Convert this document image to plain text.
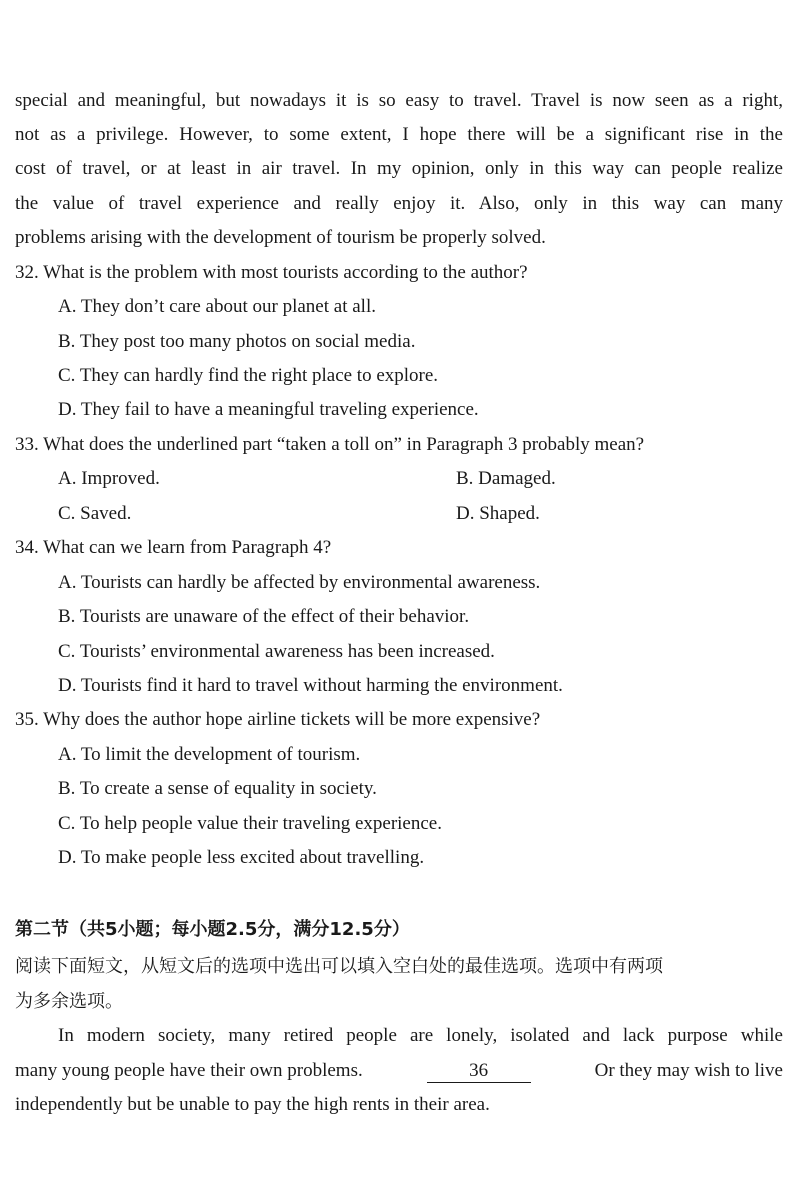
special and meaningful, but nowadays it is so easy to travel. Travel is now seen as a right,
not as a privilege. However, to some extent, I hope there will be a significant rise in the
cost of travel, or at least in air travel. In my opinion, only in this way can people realize
the value of travel experience and really enjoy it. Also, only in this way can many
problems arising with the development of tourism be properly solved.
32. What is the problem with most tourists according to the author?
A. They don’t care about our planet at all.
B. They post too many photos on social media.
C. They can hardly find the right place to explore.
D. They fail to have a meaningful traveling experience.
33. What does the underlined part “taken a toll on” in Paragraph 3 probably mean?
A. Improved.	B. Damaged.
C. Saved.	D. Shaped.
34. What can we learn from Paragraph 4?
A. Tourists can hardly be affected by environmental awareness.
B. Tourists are unaware of the effect of their behavior.
C. Tourists’ environmental awareness has been increased.
D. Tourists find it hard to travel without harming the environment.
35. Why does the author hope airline tickets will be more expensive?
A. To limit the development of tourism.
B. To create a sense of equality in society.
C. To help people value their traveling experience.
D. To make people less excited about travelling.
第二节（共5小题；每小题2.5分，满分12.5分）
阅读下面短文，从短文后的选项中选出可以填入空白处的最佳选项。选项中有两项
为多余选项。
In modern society, many retired people are lonely, isolated and lack purpose while
many young people have their own problems.	36	Or they may wish to live
independently but be unable to pay the high rents in their area.
